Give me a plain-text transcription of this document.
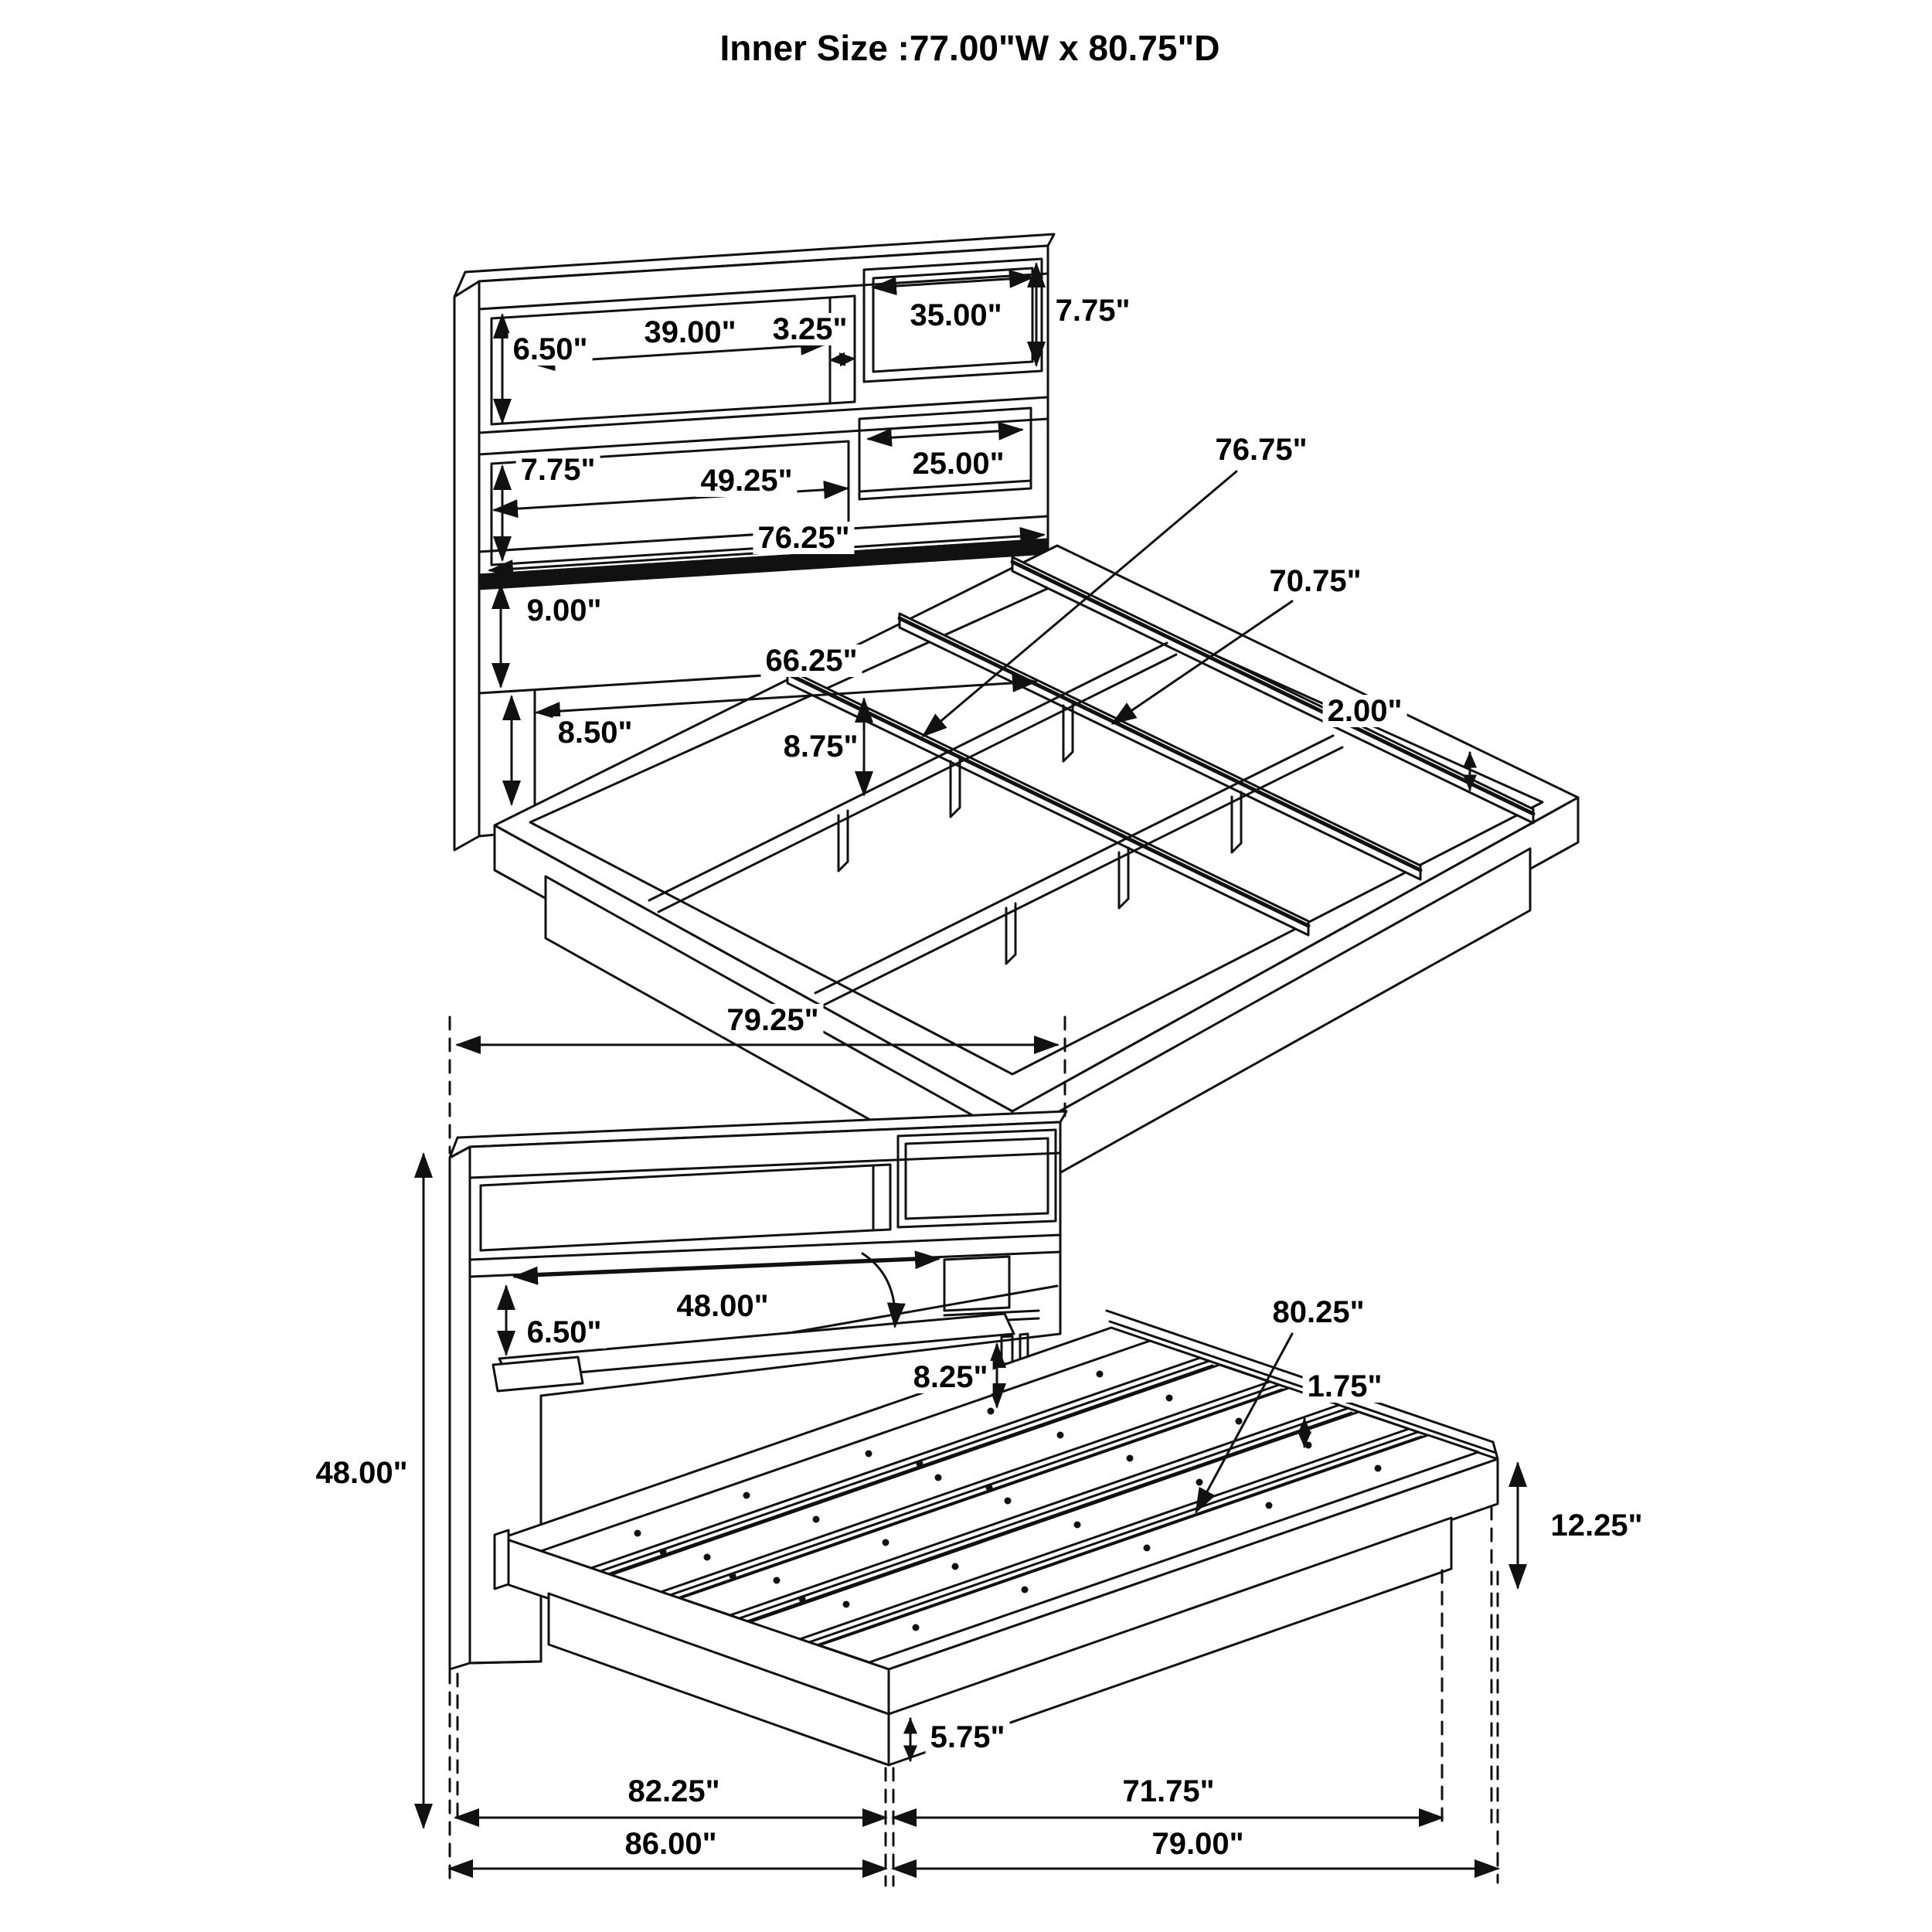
Inner Size :77.00"W x 80.75"D
6.50" 39.00" 3.25" 35.00" 7.75"
25.00"
7.75"	49.25"
9.00"
76.25"
66.25"
8.50"	8.75"
76.75"
70.75"
2.00"
79.25"
48.00"
48.00"
6.50"
8.25"
80.25"
1.75"
12.25"
5.75"
82.25"	71.75"
86.00"	79.00"
